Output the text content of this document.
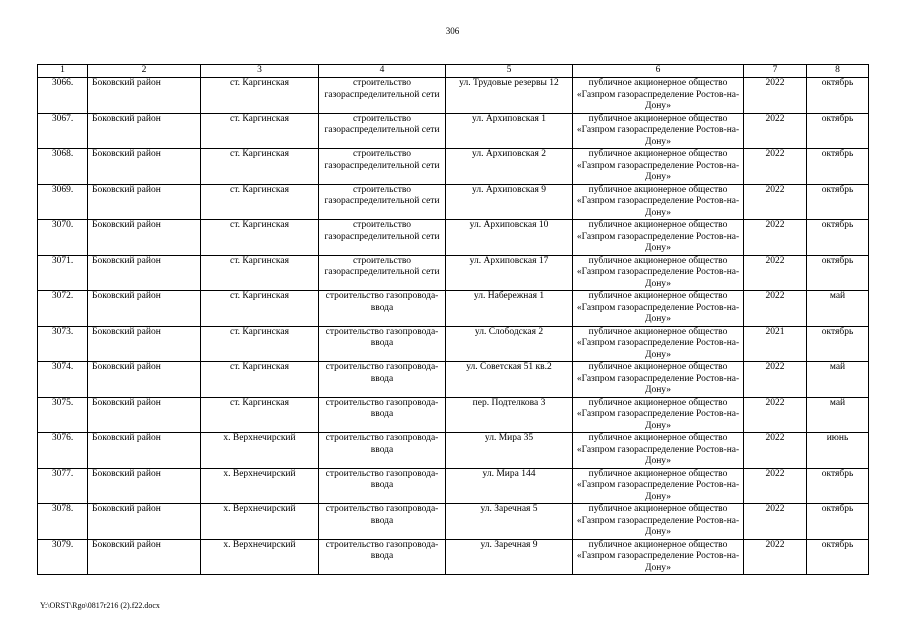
306
1	2	3	4	5	6	7	8
3066.	Боковский район	ст. Каргинская	строительство газораспределительной сети	ул. Трудовые резервы 12	публичное акционерное общество «Газпром газораспределение Ростов-на-Дону»	2022	октябрь
3067.	Боковский район	ст. Каргинская	строительство газораспределительной сети	ул. Архиповская 1	публичное акционерное общество «Газпром газораспределение Ростов-на-Дону»	2022	октябрь
3068.	Боковский район	ст. Каргинская	строительство газораспределительной сети	ул. Архиповская 2	публичное акционерное общество «Газпром газораспределение Ростов-на-Дону»	2022	октябрь
3069.	Боковский район	ст. Каргинская	строительство газораспределительной сети	ул. Архиповская 9	публичное акционерное общество «Газпром газораспределение Ростов-на-Дону»	2022	октябрь
3070.	Боковский район	ст. Каргинская	строительство газораспределительной сети	ул. Архиповская 10	публичное акционерное общество «Газпром газораспределение Ростов-на-Дону»	2022	октябрь
3071.	Боковский район	ст. Каргинская	строительство газораспределительной сети	ул. Архиповская 17	публичное акционерное общество «Газпром газораспределение Ростов-на-Дону»	2022	октябрь
3072.	Боковский район	ст. Каргинская	строительство газопровода-ввода	ул. Набережная 1	публичное акционерное общество «Газпром газораспределение Ростов-на-Дону»	2022	май
3073.	Боковский район	ст. Каргинская	строительство газопровода-ввода	ул. Слободская 2	публичное акционерное общество «Газпром газораспределение Ростов-на-Дону»	2021	октябрь
3074.	Боковский район	ст. Каргинская	строительство газопровода-ввода	ул. Советская 51 кв.2	публичное акционерное общество «Газпром газораспределение Ростов-на-Дону»	2022	май
3075.	Боковский район	ст. Каргинская	строительство газопровода-ввода	пер. Подтелкова 3	публичное акционерное общество «Газпром газораспределение Ростов-на-Дону»	2022	май
3076.	Боковский район	х. Верхнечирский	строительство газопровода-ввода	ул. Мира 35	публичное акционерное общество «Газпром газораспределение Ростов-на-Дону»	2022	июнь
3077.	Боковский район	х. Верхнечирский	строительство газопровода-ввода	ул. Мира 144	публичное акционерное общество «Газпром газораспределение Ростов-на-Дону»	2022	октябрь
3078.	Боковский район	х. Верхнечирский	строительство газопровода-ввода	ул. Заречная 5	публичное акционерное общество «Газпром газораспределение Ростов-на-Дону»	2022	октябрь
3079.	Боковский район	х. Верхнечирский	строительство газопровода-ввода	ул. Заречная 9	публичное акционерное общество «Газпром газораспределение Ростов-на-Дону»	2022	октябрь
Y:\ORST\Rgo\0817r216 (2).f22.docx
